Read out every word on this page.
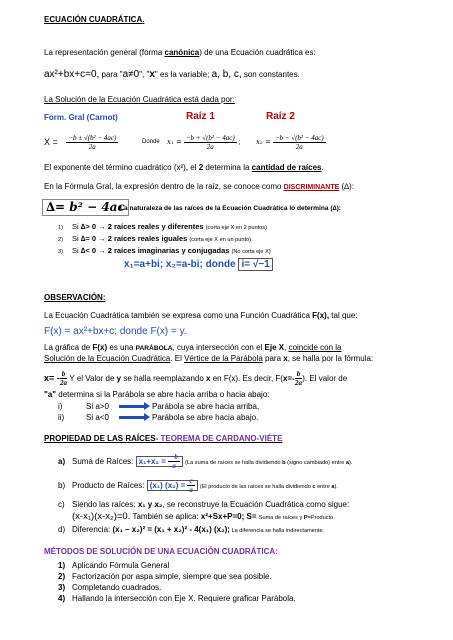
ECUACIÓN CUADRÁTICA.
La representación general (forma canónica) de una Ecuación cuadrática es:
ax²+bx+c=0, para "a≠0", "x" es la variable; a, b, c, son constantes.
La Solución de la Ecuación Cuadrática está dada por:
Form. Gral (Carnot)	Raíz 1	Raíz 2
$X = \frac{\text{−b ± √(b² − 4ac)}}{2a}$	Donde $x_1 = \frac{\text{−b + √(b² − 4ac)}}{2a}$ ; $x_2 = \frac{\text{−b − √(b² − 4ac)}}{2a}$
El exponente del término cuadrático (x²), el 2 determina la cantidad de raíces.
En la Fórmula Gral, la expresión dentro de la raíz, se conoce como DISCRIMINANTE (∆):
∆= b² − 4ac
La naturaleza de las raíces de la Ecuación Cuadrática lo determina (∆):
1) Si ∆> 0 → 2 raíces reales y diferentes (corta eje X en 2 puntos)
2) Si ∆= 0 → 2 raíces reales iguales (corta eje X en un punto)
3) Si ∆< 0 → 2 raíces imaginarias y conjugadas (No corta eje X)
x₁=a+bi; x₂=a-bi; donde i= √−1
OBSERVACIÓN:
La Ecuación Cuadrática también se expresa como una Función Cuadrática F(x), tal que:
F(x) = ax²+bx+c; donde F(x) = y.
La gráfica de F(x) es una PARÁBOLA, cuya intersección con el Eje X, coincide con la
Solución de la Ecuación Cuadrática. El Vértice de la Parábola para x, se halla por la fórmula:
$x= - \frac{b}{2a}$ Y el Valor de y se halla reemplazando x en F(x). Es decir, $F(x=- \frac{b}{2a}$ ). El valor de
"a" determina si la Parábola se abre hacia arriba o hacia abajo:
i)	Si a>0	Parábola se abre hacia arriba,
ii)	Si a<0	Parábola se abre hacia abajo.
PROPIEDAD DE LAS RAÍCES- TEOREMA DE CARDANO-VIÉTE
a) Suma de Raíces: $x_1+x_2 = \frac{-b}{a} (La$ suma de raíces se halla dividiendo b (signo cambiado) entre a).
b) Producto de Raíces: (x₁) $(x_2) = \frac{c}{a} (El$ producto de las raíces se halla dividiendo c entre a).
c) Siendo las raíces: x₁ y x₂, se reconstruye la Ecuación Cuadrática como sigue:
(x-x₁)(x-x₂)=0. También se aplica: x²+Sx+P=0; S= Suma de raíces y P=Producto.
d) Diferencia: (x₁ – x₂)² = (x₁ + x₂)² - 4(x₁) (x₂); La diferencia se halla indirectamente.
MÉTODOS DE SOLUCIÓN DE UNA ECUACIÓN CUADRÁTICA:
1) Aplicando Fórmula General
2) Factorización por aspa simple, siempre que sea posible.
3) Completando cuadrados.
4) Hallando la intersección con Eje X. Requiere graficar Parábola.
